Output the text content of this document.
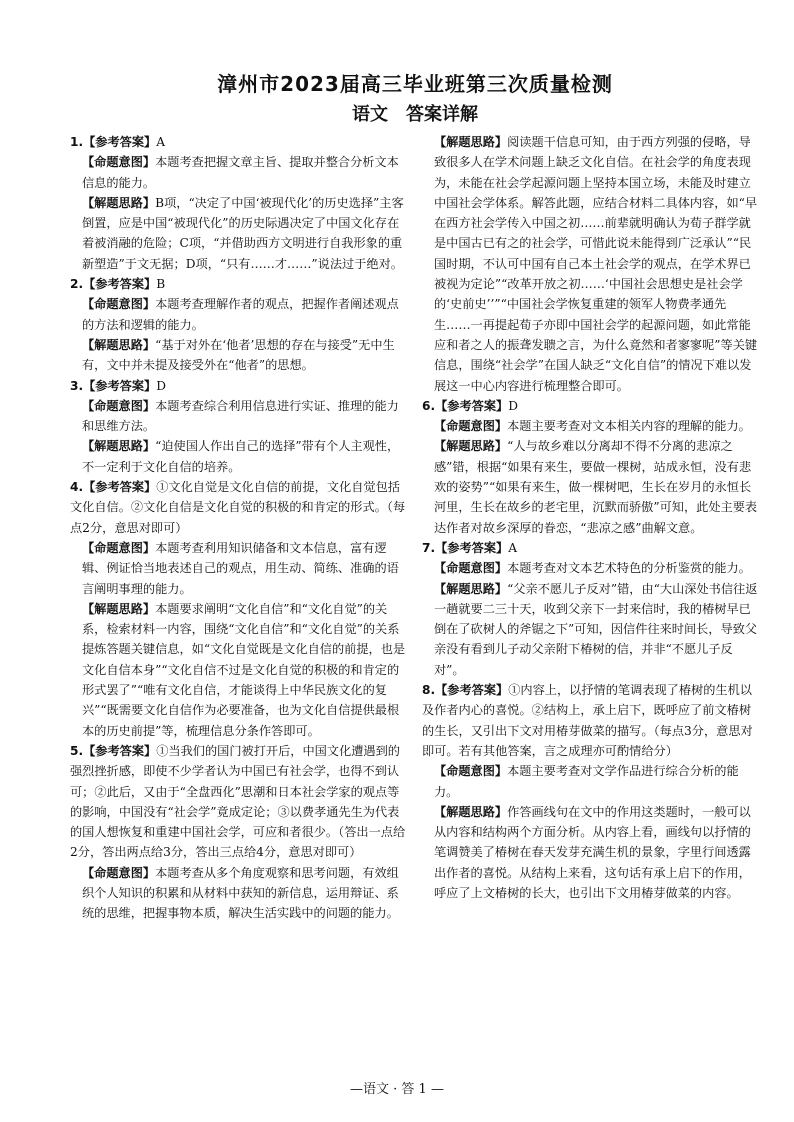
漳州市2023届高三毕业班第三次质量检测
语文　答案详解

1.【参考答案】A

【命题意图】本题考查把握文章主旨、提取并整合分析文本信息的能力。

【解题思路】B项，“决定了中国‘被现代化’的历史选择”主客倒置，应是中国“被现代化”的历史际遇决定了中国文化存在着被消融的危险；C项，“并借助西方文明进行自我形象的重新塑造”于文无据；D项，“只有……才……”说法过于绝对。

2.【参考答案】B

【命题意图】本题考查理解作者的观点，把握作者阐述观点的方法和逻辑的能力。

【解题思路】“基于对外在‘他者’思想的存在与接受”无中生有，文中并未提及接受外在“他者”的思想。

3.【参考答案】D

【命题意图】本题考查综合利用信息进行实证、推理的能力和思维方法。

【解题思路】“迫使国人作出自己的选择”带有个人主观性，不一定利于文化自信的培养。

4.【参考答案】①文化自觉是文化自信的前提，文化自觉包括文化自信。②文化自信是文化自觉的积极的和肯定的形式。（每点2分，意思对即可）

【命题意图】本题考查利用知识储备和文本信息，富有逻辑、例证恰当地表述自己的观点，用生动、简练、准确的语言阐明事理的能力。

【解题思路】本题要求阐明“文化自信”和“文化自觉”的关系，检索材料一内容，围绕“文化自信”和“文化自觉”的关系提炼答题关键信息，如“文化自觉既是文化自信的前提，也是文化自信本身”“文化自信不过是文化自觉的积极的和肯定的形式罢了”“唯有文化自信，才能谈得上中华民族文化的复兴”“既需要文化自信作为必要准备，也为文化自信提供最根本的历史前提”等，梳理信息分条作答即可。

5.【参考答案】①当我们的国门被打开后，中国文化遭遇到的强烈挫折感，即使不少学者认为中国已有社会学，也得不到认可；②此后，又由于“全盘西化”思潮和日本社会学家的观点等的影响，中国没有“社会学”竟成定论；③以费孝通先生为代表的国人想恢复和重建中国社会学，可应和者很少。（答出一点给2分，答出两点给3分，答出三点给4分，意思对即可）

【命题意图】本题考查从多个角度观察和思考问题，有效组织个人知识的积累和从材料中获知的新信息，运用辩证、系统的思维，把握事物本质，解决生活实践中的问题的能力。

【解题思路】阅读题干信息可知，由于西方列强的侵略，导致很多人在学术问题上缺乏文化自信。在社会学的角度表现为，未能在社会学起源问题上坚持本国立场，未能及时建立中国社会学体系。解答此题，应结合材料二具体内容，如“早在西方社会学传入中国之初……前辈就明确认为荀子群学就是中国古已有之的社会学，可惜此说未能得到广泛承认”“民国时期，不认可中国有自己本土社会学的观点，在学术界已被视为定论”“改革开放之初……‘中国社会思想史是社会学的‘史前史’’”“中国社会学恢复重建的领军人物费孝通先生……一再提起荀子亦即中国社会学的起源问题，如此常能应和者之人的振聋发聩之言，为什么竟然和者寥寥呢”等关键信息，围绕“社会学”在国人缺乏“文化自信”的情况下难以发展这一中心内容进行梳理整合即可。

6.【参考答案】D

【命题意图】本题主要考查对文本相关内容的理解的能力。

【解题思路】“人与故乡难以分离却不得不分离的悲凉之感”错，根据“如果有来生，要做一棵树，站成永恒，没有悲欢的姿势”“如果有来生，做一棵树吧，生长在岁月的永恒长河里，生长在故乡的老宅里，沉默而骄傲”可知，此处主要表达作者对故乡深厚的眷恋，“悲凉之感”曲解文意。

7.【参考答案】A

【命题意图】本题考查对文本艺术特色的分析鉴赏的能力。

【解题思路】“父亲不愿儿子反对”错，由“大山深处书信往返一趟就要二三十天，收到父亲下一封来信时，我的椿树早已倒在了砍树人的斧锯之下”可知，因信件往来时间长，导致父亲没有看到儿子动父亲附下椿树的信，并非“不愿儿子反对”。

8.【参考答案】①内容上，以抒情的笔调表现了椿树的生机以及作者内心的喜悦。②结构上，承上启下，既呼应了前文椿树的生长，又引出下文对用椿芽做菜的描写。（每点3分，意思对即可。若有其他答案，言之成理亦可酌情给分）

【命题意图】本题主要考查对文学作品进行综合分析的能力。

【解题思路】作答画线句在文中的作用这类题时，一般可以从内容和结构两个方面分析。从内容上看，画线句以抒情的笔调赞美了椿树在春天发芽充满生机的景象，字里行间透露出作者的喜悦。从结构上来看，这句话有承上启下的作用，呼应了上文椿树的长大，也引出下文用椿芽做菜的内容。

—语文 · 答 1 —
